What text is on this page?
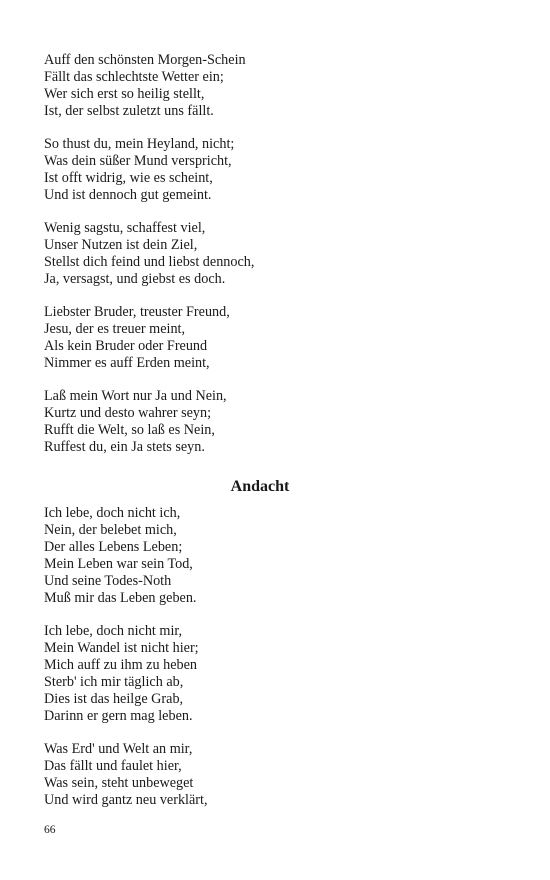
Auff den schönsten Morgen-Schein
Fällt das schlechtste Wetter ein;
Wer sich erst so heilig stellt,
Ist, der selbst zuletzt uns fällt.
So thust du, mein Heyland, nicht;
Was dein süßer Mund verspricht,
Ist offt widrig, wie es scheint,
Und ist dennoch gut gemeint.
Wenig sagstu, schaffest viel,
Unser Nutzen ist dein Ziel,
Stellst dich feind und liebst dennoch,
Ja, versagst, und giebst es doch.
Liebster Bruder, treuster Freund,
Jesu, der es treuer meint,
Als kein Bruder oder Freund
Nimmer es auff Erden meint,
Laß mein Wort nur Ja und Nein,
Kurtz und desto wahrer seyn;
Rufft die Welt, so laß es Nein,
Ruffest du, ein Ja stets seyn.
Andacht
Ich lebe, doch nicht ich,
Nein, der belebet mich,
Der alles Lebens Leben;
Mein Leben war sein Tod,
Und seine Todes-Noth
Muß mir das Leben geben.
Ich lebe, doch nicht mir,
Mein Wandel ist nicht hier;
Mich auff zu ihm zu heben
Sterb' ich mir täglich ab,
Dies ist das heilge Grab,
Darinn er gern mag leben.
Was Erd' und Welt an mir,
Das fällt und faulet hier,
Was sein, steht unbeweget
Und wird gantz neu verklärt,
66
